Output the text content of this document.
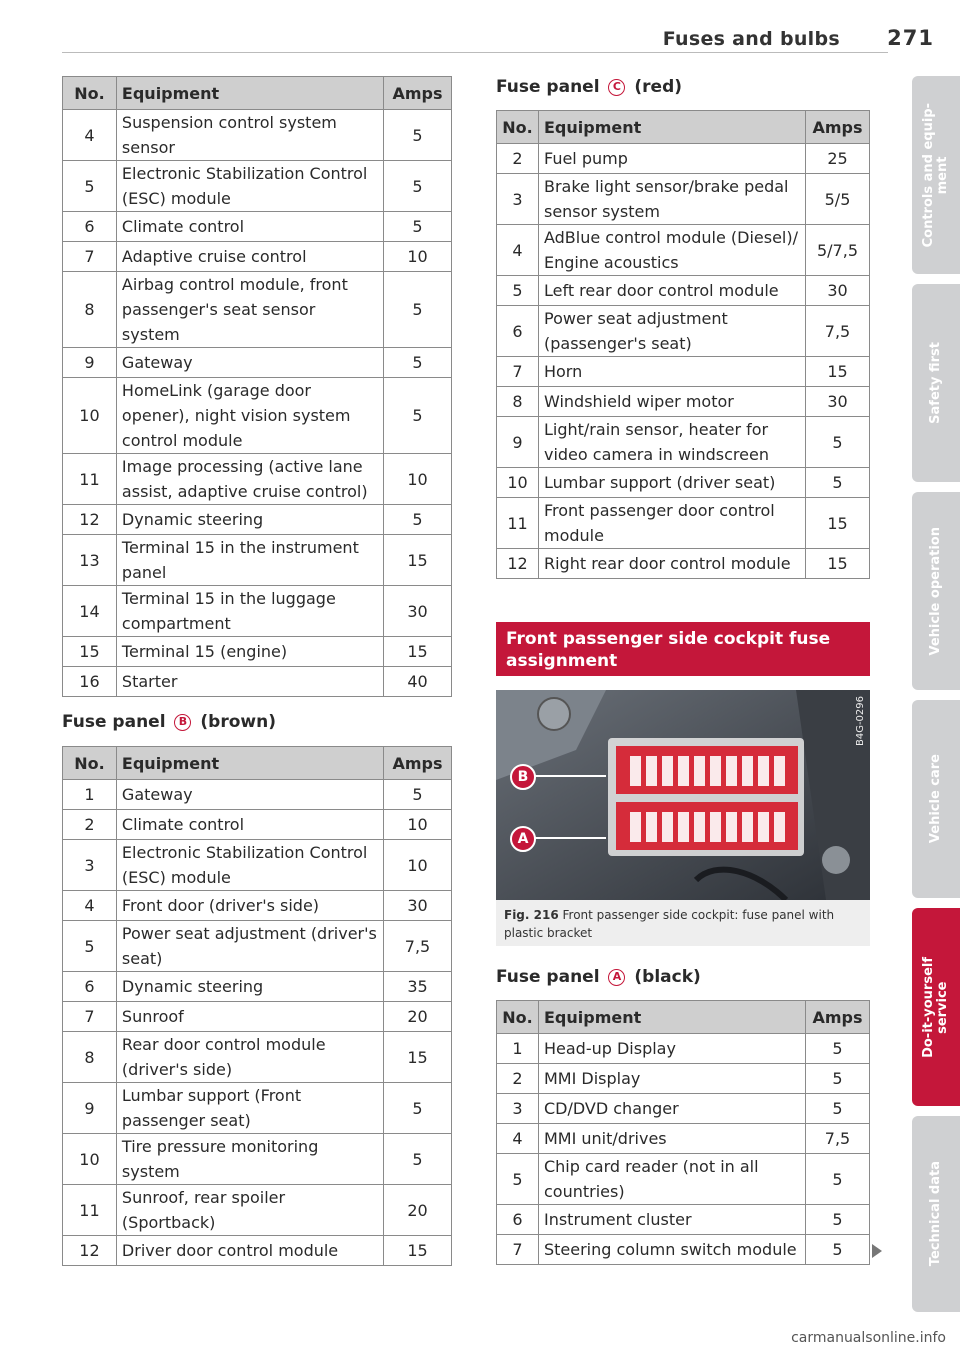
Fuses and bulbs 271
No.	Equipment	Amps
4	Suspension control system sensor	5
5	Electronic Stabilization Control (ESC) module	5
6	Climate control	5
7	Adaptive cruise control	10
8	Airbag control module, front passenger's seat sensor system	5
9	Gateway	5
10	HomeLink (garage door opener), night vision system control module	5
11	Image processing (active lane assist, adaptive cruise control)	10
12	Dynamic steering	5
13	Terminal 15 in the instrument panel	15
14	Terminal 15 in the luggage compartment	30
15	Terminal 15 (engine)	15
16	Starter	40
Fuse panel B (brown)
No.	Equipment	Amps
1	Gateway	5
2	Climate control	10
3	Electronic Stabilization Control (ESC) module	10
4	Front door (driver's side)	30
5	Power seat adjustment (driver's seat)	7,5
6	Dynamic steering	35
7	Sunroof	20
8	Rear door control module (driver's side)	15
9	Lumbar support (Front passenger seat)	5
10	Tire pressure monitoring system	5
11	Sunroof, rear spoiler (Sportback)	20
12	Driver door control module	15
Fuse panel C (red)
No.	Equipment	Amps
2	Fuel pump	25
3	Brake light sensor/brake pedal sensor system	5/5
4	AdBlue control module (Diesel)/ Engine acoustics	5/7,5
5	Left rear door control module	30
6	Power seat adjustment (passenger's seat)	7,5
7	Horn	15
8	Windshield wiper motor	30
9	Light/rain sensor, heater for video camera in windscreen	5
10	Lumbar support (driver seat)	5
11	Front passenger door control module	15
12	Right rear door control module	15
Front passenger side cockpit fuse assignment
B
A
B4G-0296
Fig. 216 Front passenger side cockpit: fuse panel with plastic bracket
Fuse panel A (black)
No.	Equipment	Amps
1	Head-up Display	5
2	MMI Display	5
3	CD/DVD changer	5
4	MMI unit/drives	7,5
5	Chip card reader (not in all countries)	5
6	Instrument cluster	5
7	Steering column switch module	5
Controls and equip-
ment
Safety first
Vehicle operation
Vehicle care
Do-it-yourself
service
Technical data
carmanualsonline.info
